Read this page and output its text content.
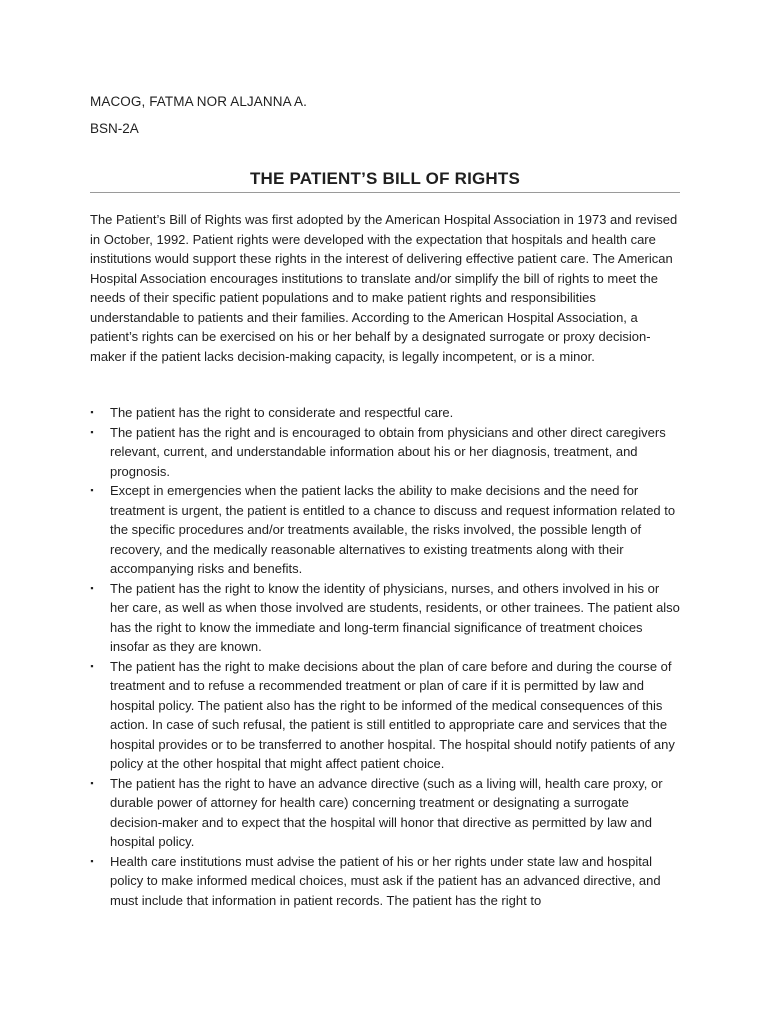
MACOG, FATMA NOR ALJANNA A.
BSN-2A
THE PATIENT’S BILL OF RIGHTS

The Patient’s Bill of Rights was first adopted by the American Hospital Association in 1973 and revised in October, 1992. Patient rights were developed with the expectation that hospitals and health care institutions would support these rights in the interest of delivering effective patient care. The American Hospital Association encourages institutions to translate and/or simplify the bill of rights to meet the needs of their specific patient populations and to make patient rights and responsibilities understandable to patients and their families. According to the American Hospital Association, a patient’s rights can be exercised on his or her behalf by a designated surrogate or proxy decision-maker if the patient lacks decision-making capacity, is legally incompetent, or is a minor.

▪ The patient has the right to considerate and respectful care.
▪ The patient has the right and is encouraged to obtain from physicians and other direct caregivers relevant, current, and understandable information about his or her diagnosis, treatment, and prognosis.
▪ Except in emergencies when the patient lacks the ability to make decisions and the need for treatment is urgent, the patient is entitled to a chance to discuss and request information related to the specific procedures and/or treatments available, the risks involved, the possible length of recovery, and the medically reasonable alternatives to existing treatments along with their accompanying risks and benefits.
▪ The patient has the right to know the identity of physicians, nurses, and others involved in his or her care, as well as when those involved are students, residents, or other trainees. The patient also has the right to know the immediate and long-term financial significance of treatment choices insofar as they are known.
▪ The patient has the right to make decisions about the plan of care before and during the course of treatment and to refuse a recommended treatment or plan of care if it is permitted by law and hospital policy. The patient also has the right to be informed of the medical consequences of this action. In case of such refusal, the patient is still entitled to appropriate care and services that the hospital provides or to be transferred to another hospital. The hospital should notify patients of any policy at the other hospital that might affect patient choice.
▪ The patient has the right to have an advance directive (such as a living will, health care proxy, or durable power of attorney for health care) concerning treatment or designating a surrogate decision-maker and to expect that the hospital will honor that directive as permitted by law and hospital policy.
▪ Health care institutions must advise the patient of his or her rights under state law and hospital policy to make informed medical choices, must ask if the patient has an advanced directive, and must include that information in patient records. The patient has the right to
